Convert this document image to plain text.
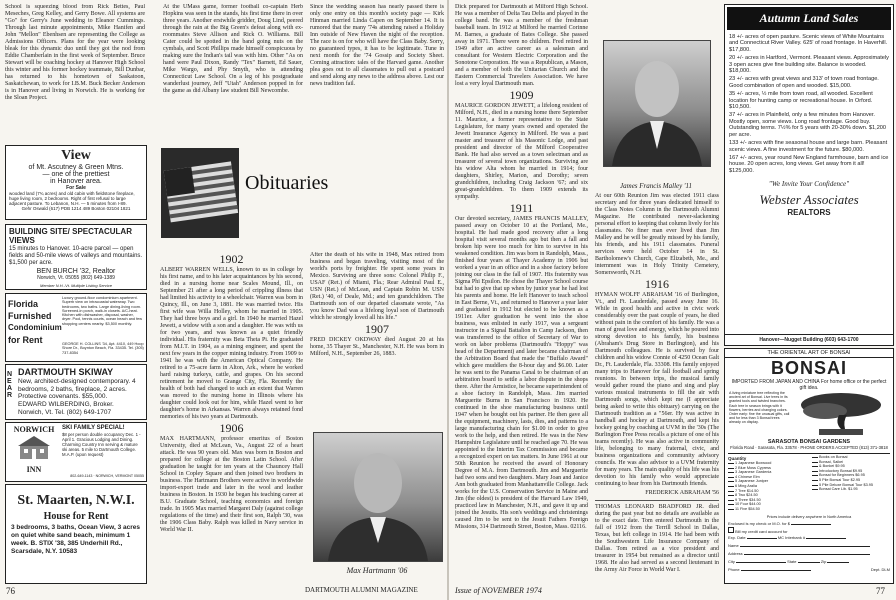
School is squeezing blood from Rick Bettes, Paul Meseches, Greg Kelley, and Gerry Bowe. All systems are "Go" for Gerry's June wedding to Eleanor Cummings. Through last minute appointments, Mike Hanifen and John "Mellon" Ebenhsen are representing the College as Admissions Officers. Plans for the year were looking bleak for this dynamic duo until they got the nod from Eddie Chamberlain in the first week of September. Bruce Stewart will be coaching hockey at Hanover High School this winter and his former hockey teammate, Bill Dunbar, has returned to his hometown of Saskatoon, Saskatchewan, to work for I.B.M. Buck Becker Anderson is in Hanover and living in Norwich. He is working for the Sloan Project.

At the UMass game, former football co-captain Herb Hopkins was seen in the stands, his first time there in over three years. Another erstwhile gridder, Doug Lind, peered through the rain at the Big Green's defeat along with ex-roommates Steve Allison and Rick O. Williams. Bill Cater could be spotted in the band going nuts on the cymbals, and Scott Phillips made himself conspicuous by making sure the Indian's tail was with him. Other "As on hand were Paul Dixon, Randy "Tex" Barnett, Ed Sauer, Mike Wargo, and Phy Smyth, who is attending Connecticut Law School. On a leg of his postgraduate wanderlust journey, Jeff "Utah" Anderson popped in for the game as did Albany law student Bill Newcombe.

Since the wedding season has nearly passed there is only one entry on this month's society page — Kirk Hinman married Linda Capen on September 14. It is rumored that the many '74s attending raised a Holiday Inn outside of New Haven the night of the reception. The race is on for who will have the Class Baby. Sorry, no guaranteed types, it has to be legitimate. Tune in next month for the '74 Gossip and Society Sheet. Coming attraction: tales of the Harvard game. Another plea goes out to all classmates to pull out a postcard and send along any news to the address above. Lest our news tradition fail.

View
of Mt. Ascutney & Green Mtns.
— one of the prettiest
in Hanover area.
For Sale
wooded land (7¾ acres) and old cabin with fieldstone fireplace, huge living room, 2 bedrooms. Right of first refusal to large adjacent pasture. To Lebanon, N.H. — 5 minutes from I-89.
Gehr Oswald (617) PDB 1214 489 Boston 02104 1821
BUILDING SITE/ SPECTACULAR VIEWS
15 minutes to Hanover. 10-acre parcel — open fields and 50-mile views of valleys and mountains. $1,500 per acre.
BEN BURCH '32, Realtor
Norwich, Vt. 05055 (802) 649-1389
Member N.H.-Vt. Multiple Listing Service
Florida
Furnished
Condominium
for Rent
Luxury ground-floor condominium apartment. Superb view on intracoastal waterway. Two bedrooms, two baths. Large dining-living room. Screened-in porch, walk-in closets. A/C-heat. Kitchen with dishwasher, disposal, washer, dryer. Pool, tennis courts, ocean beach and few shopping centers nearby. $3,500 monthly.
GEORGE H. COLLINS '34, Apt. 4410, 449 Hoop Shore Dr., Boynton Beach, Fla. 33435. Tel. (305) 737-8354
NEAR
DARTMOUTH SKIWAY
New, architect-designed contemporary. 4 bedrooms, 2 baths, fireplace, 2 acres. Protective covenants. $55,000.
EDWARD WILBERDING, Broker.
Norwich, Vt. Tel. (802) 649-1707
NORWICH
INN
SKI FAMILY SPECIAL!
$8 per person double occupancy Dec. 1 - April 1. Gracious Lodging and Dining. Charming Country Inn serving & mature ski areas. 5 mile to Dartmouth College. M.A.P. (upon request)
802-649-1143 · NORWICH, VERMONT 05055
St. Maarten, N.W.I.
House for Rent
3 bedrooms, 3 baths, Ocean View, 3 acres on quiet white sand beach, minimum 1 week. B. STIX '38, 385 Underhill Rd., Scarsdale, N.Y. 10583
Obituaries
1902

ALBERT WARREN WELLS, known to us in college by his first name, and to his later acquaintances by his second, died in a nursing home near Scales Mound, Ill., on September 21 after a long period of crippling illness that had limited his activity to a wheelchair. Warren was born in Quincy, Ill., on June 3, 1881. He was married twice. His first wife was Willa Holley, whom he married in 1905. They had three boys and a girl. In 1940 he married Hazel Jewett, a widow with a son and a daughter. He was with us for two years, and was known as a quiet friendly individual. His fraternity was Beta Theta Pi. He graduated from M.I.T. in 1904, as a mining engineer, and spent the next few years in the copper mining industry. From 1909 to 1941 he was with the American Optical Company. He retired to a 75-acre farm in Alton, Ark., where he worked hard raising turkeys, cattle, and grapes. On his second retirement he moved to Grange City, Fla. Recently the health of both had changed to such an extent that Warren was moved to the nursing home in Illinois where his daughter could look out for him, while Hazel went to her daughter's home in Arkansas. Warren always retained fond memories of his two years at Dartmouth.

1906

MAX HARTMANN, professor emeritus of Boston University, died at McLean, Va., August 22 of a heart attack. He was 90 years old. Max was born in Boston and prepared for college at the Boston Latin School. After graduation he taught for ten years at the Chauncey Hall School in Copley Square and then joined two brothers in business. The Hartmann Brothers were active in worldwide import-export trade and later in the wool and leather business in Boston. In 1930 he began his teaching career at B.U. Graduate School, teaching economics and foreign trade. In 1905 Max married Margaret Daly (against college regulations of the time) and their first son, Ralph '30, was the 1906 Class Baby. Ralph was killed in Navy service in World War II.

After the death of his wife in 1948, Max retired from business and began traveling, visiting most of the world's ports by freighter. He spent some years in Mexico. Surviving are three sons: Colonel Philip F., USAF (Ret.) of Miami, Fla.; Rear Admiral Paul E., USN (Ret.) of McLean, and Captain Robin M. USN (Ret.) '40, of Deale, Md.; and ten grandchildren. The Dartmouth son of our departed classmate wrote, "As you know Dad was a lifelong loyal son of Dartmouth which he strongly loved all his life."

1907

FRED DICKEY OKDWAY died August 20 at his home, 35 Thayer St., Manchester, N.H. He was born in Milford, N.H., September 26, 1883.

Max Hartmann '06
76	DARTMOUTH ALUMNI MAGAZINE

Dick prepared for Dartmouth at Milford High School. He was a member of Delta Tau Delta and played in the college band. He was a member of the freshman baseball team. In 1912 at Milford he married Corinne M. Barnes, a graduate of Bates College. She passed away in 1971. There were no children. Fred retired in 1949 after an active career as a salesman and consultant for Western Electric Corporation and the Sonotone Corporation. He was a Republican, a Mason, and a member of both the Unitarian Church and the Eastern Commercial Travelers Association. We have lost a very loyal Dartmouth man.

1909

MAURICE GORDON JEWETT, a lifelong resident of Milford, N.H., died in a nursing home there September 11. Maurice, a former representative to the State Legislature, for many years owned and operated the Jewett Insurance Agency in Milford. He was a past master and treasurer of his Masonic Lodge, and past president and director of the Milford Cooperative Bank. He had also served as a town selectman and as treasurer of several town organizations. Surviving are his widow Alta whom he married in 1914; four daughters, Shirley, Marion, and Dorothy; seven grandchildren, including Craig Jackson '67; and six great-grandchildren. To them 1909 extends its sympathy.

1911

Our devoted secretary, JAMES FRANCIS MALLEY, passed away on October 10 at the Portland, Me., hospital. He had made good recovery after a long hospital visit several months ago but then a fall and broken hip were too much for him to survive in his weakened condition. Jim was born in Randolph, Mass., finished four years at Thayer Academy in 1906 but worked a year in an office and in a shoe factory before joining our class in the fall of 1907. His fraternity was Sigma Phi Epsilon. He chose the Thayer School course but had to give that up when by junior year he had lost his parents and home. He left Hanover to teach school in East Berne, Vt., and returned to Hanover a year later and graduated in 1912 but elected to be known as a 1911er. After graduation he went into the shoe business, was enlisted in early 1917, was a sergeant instructor in a Signal Battalion in Camp Jackson, then was transferred to the office of Secretary of War to work on labor problems (Dartmouth's "Hoppy" was head of the Department) and later became chairman of the Arbitration Board that made the "Buffalo Award" which gave muddlers the 8-hour day and $6.00. Later he was sent to the Panama Canal to be chairman of an arbitration board to settle a labor dispute in the shops there. After the Armistice, he became superintendent of a shoe factory in Randolph, Mass. Jim married Marguerite Burns in San Francisco in 1920. He continued in the shoe manufacturing business until 1947 when he bought out his partner. He then gave all the equipment, machinery, lasts, dies, and patterns to a large manufacturing chain for $1.00 in order to give work to the help, and then retired. He was in the New Hampshire Legislature until he reached age 70. He was appointed to the Interim Tax Commission and became a recognized expert on tax matters. In June 1961 at our 50th Reunion he received the award of Honorary Degree of M.A. from Dartmouth. Jim and Marguerite had two sons and two daughters. Mary Joan and Janice Ann both graduated from Manhattanville College. Jack works for the U.S. Conservation Service in Maine and Jim (the oldest) is president of the Harvard Law 1949, practiced law in Manchester, N.H., and gave it up and joined the Jesuits. His son's weddings and christenings caused Jim to be sent to the Jesuit Fathers Foreign Missions, 314 Dartmouth Street, Boston, Mass. 02116.

James Francis Malley '11

At our 60th Reunion Jim was elected 1911 class secretary and for three years dedicated himself to the Class Notes Column in the Dartmouth Alumni Magazine. He contributed never-slackening personal effort to keeping that column lively for his classmates. No finer man ever lived than Jim Malley and he will be greatly missed by his family, his friends, and his 1911 classmates. Funeral services were held October 14 in St. Bartholomew's Church, Cape Elizabeth, Me., and internment was in Holy Trinity Cemetery, Somersworth, N.H.

1916

HYMAN WOLFF ABRAHAM '16 of Burlington, Vt., and Ft. Lauderdale, passed away June 16. While in good health and active in civic work considerably over the past couple of years, he died without pain in the comfort of his family. He was a man of great love and energy, which he poured into strong devotion to his family, his business (Abraham's Drug Store in Burlington), and his Dartmouth colleagues. He is survived by four children and his widow Connie of 4250 Ocean Galt Dr., Ft. Lauderdale, Fla. 33308. His family enjoyed many trips to Hanover for fall football and spring reunions. In between trips, the musical family would gather round the piano and sing and play various musical instruments to fill the air with Dartmouth songs, which kept me (I appreciate being asked to write this obituary) carrying on the Dartmouth tradition as a "56er. Hy was active in handball and hockey at Dartmouth, and kept his hockey going by coaching at UVM in the '30s (The Burlington Free Press recalls a picture of one of his teams recently). He was also active in community life, belonging to many fraternal, civic, and business organizations and community advisory councils. He was also advisor to a UVM fraternity for many years. The main quality of his life was his devotion to his family who would appreciate continuing to hear from his Dartmouth friends.

FREDERICK ABRAHAM '56

THOMAS LEONARD BRADFORD JR. died during the past year but no details are available as to the exact date. Tom entered Dartmouth in the fall of 1912 from the Terrill School in Dallas, Texas, but left college in 1914. He had been with the Southwestern Life Insurance Company of Dallas. Tom retired as a vice president and treasurer in 1954 but remained as a director until 1968. He also had served as a second lieutenant in the Army Air Force in World War I.

Autumn Land Sales
18 +/- acres of open pasture. Scenic views of White Mountains and Connecticut River Valley. 625' of road frontage. In Haverhill. $17,800.
20 +/- acres in Hartford, Vermont. Pleasant views. Approximately 3 open acres give fine building site. Balance is wooded. $18,000.
23 +/- acres with great views and 313' of town road frontage. Good combination of open and wooded. $15,000.
35 +/- acres, ½ mile from town road, all wooded. Excellent location for hunting camp or recreational house. In Orford. $10,500.
37 +/- acres in Plainfield, only a few minutes from Hanover. Mostly open, some views. Long road frontage. Good buy. Outstanding terms. 7½% for 5 years with 20-30% down. $1,200 per acre.
133 +/- acres with fine seasonal house and large barn. Pleasant scenic views. A fine investment for the future. $80,000.
167 +/- acres, year round New England farmhouse, barn and ice house. 20 open acres, long views. Get away from it all! $125,000.
"We Invite Your Confidence"
Webster Associates
REALTORS
Hanover—Nugget Building (603) 643-1700
THE ORIENTAL ART OF BONSAI
BONSAI
IMPORTED FROM JAPAN AND CHINA For home office or the perfect gift idea.
A living miniature tree reflecting the ancient art of Bonsai. Live trees in its granted tools and twisted branches. Each tree in season brings with it flowers, berries and changing colors. Order early: fine the unusual gifts, call and for less than 3 Bonsai trees already on display.
SARASOTA BONSAI GARDENS
Florida Road · Sarasota, Fla. 33578 · PHONE ORDERS ACCEPTED (813) 371-3818
Quantity
1 Japanese Boxwood
2 Blue Moss Cypress
3 Japanese Gardenia
4 Chinese Elm
5 Japanese Juniper
6 Ming Aralia
7 Tree $14.50
8 Two $24.50
9 Three $34.50
10 Four $44.00
11 Five $54.50
Books on Bonsai
Bonsai, Saikei
& Bonkei $9.95
Introductory Bonsai $9.95
Bonsai for Beginners $6.95
5 Pile Bonsai Tour $2.95
5 Pile Deluxe Bonsai Tour $3.95
Bonsai Care Lib. $1.95
Prices include delivery anywhere in North America
Enclosed is my check or M.O. for $
Bill my credit card account for
Exp. Date	MC Interbank #
Name
Address
City	State	Zip
Phone	Dept. DLM
Issue of NOVEMBER 1974	77
